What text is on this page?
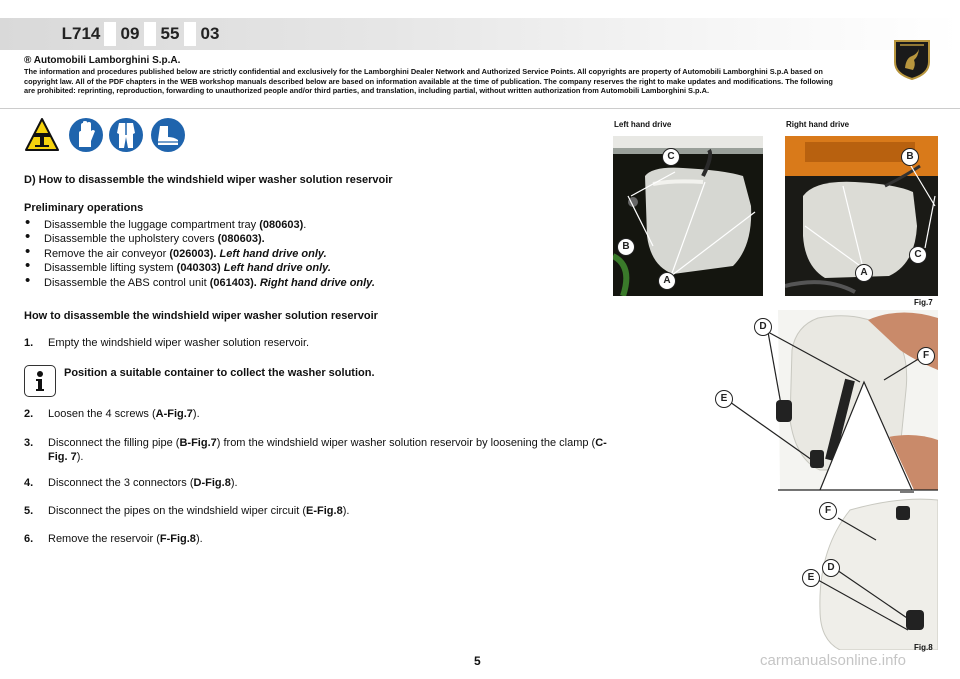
L714 09 55 03

® Automobili Lamborghini S.p.A.

The information and procedures published below are strictly confidential and exclusively for the Lamborghini Dealer Network and Authorized Service Points. All copyrights are property of Automobili Lamborghini S.p.A based on copyright law. All of the PDF chapters in the WEB workshop manuals described below are based on information available at the time of publication. The company reserves the right to make updates and modifications. The following are prohibited: reprinting, reproduction, forwarding to unauthorized people and/or third parties, and translation, including partial, without written authorization from Automobili Lamborghini S.p.A.

D) How to disassemble the windshield wiper washer solution reservoir
Preliminary operations
• Disassemble the luggage compartment tray (080603).
• Disassemble the upholstery covers (080603).
• Remove the air conveyor (026003). Left hand drive only.
• Disassemble lifting system (040303) Left hand drive only.
• Disassemble the ABS control unit (061403). Right hand drive only.
How to disassemble the windshield wiper washer solution reservoir
1. Empty the windshield wiper washer solution reservoir.
Position a suitable container to collect the washer solution.
2. Loosen the 4 screws (A-Fig.7).
3. Disconnect the filling pipe (B-Fig.7) from the windshield wiper washer solution reservoir by loosening the clamp (C-Fig. 7).
4. Disconnect the 3 connectors (D-Fig.8).
5. Disconnect the pipes on the windshield wiper circuit (E-Fig.8).
6. Remove the reservoir (F-Fig.8).
Left hand drive	Right hand drive
C
B
A
B
C
A
Fig.7
D
F
E
F
D
E
Fig.8
5	carmanualsonline.info
